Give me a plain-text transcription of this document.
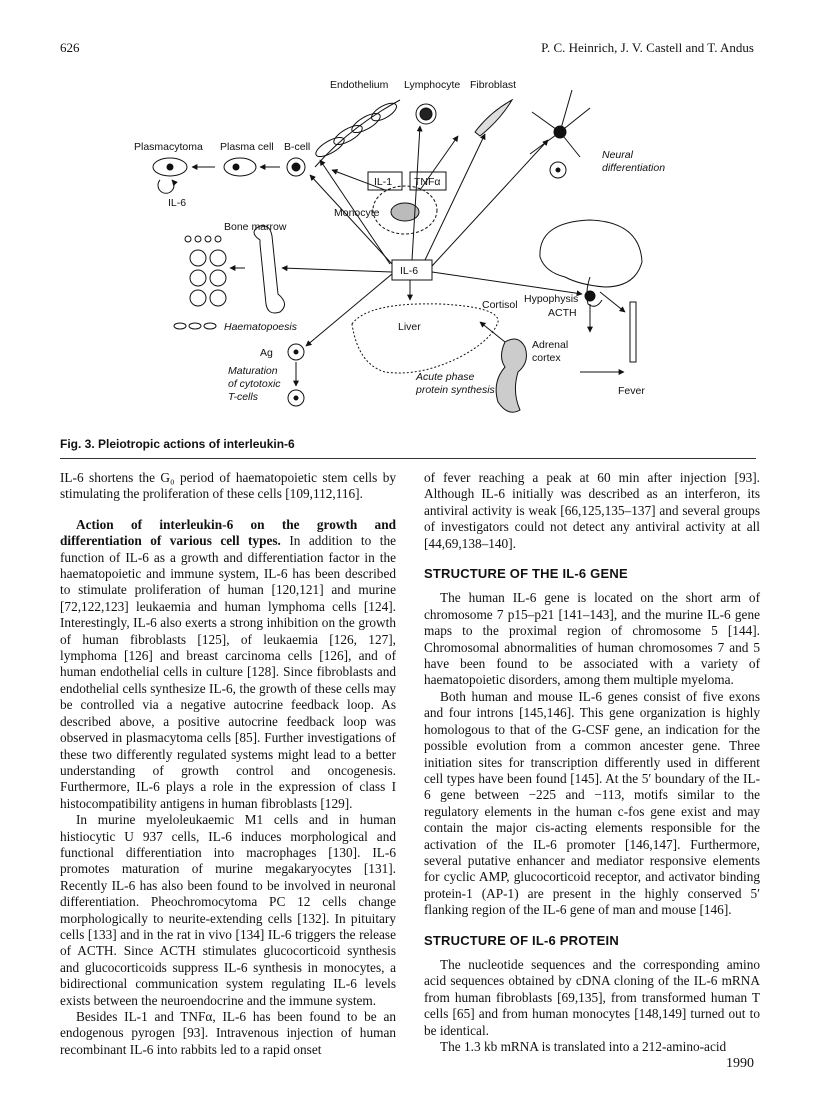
626	P. C. Heinrich, J. V. Castell and T. Andus
Endothelium Lymphocyte Fibroblast
Plasmacytoma Plasma cell B-cell
IL-1 TNFα
Neural
differentiation
IL-6
Monocyte
Bone marrow
IL-6
Hypophysis
ACTH
Cortisol
Liver
Adrenal
cortex
Haematopoesis
Ag
Maturation
of cytotoxic
T-cells
Acute phase
protein synthesis	Fever
Fig. 3. Pleiotropic actions of interleukin-6

IL-6 shortens the G₀ period of haematopoietic stem cells by stimulating the proliferation of these cells [109,112,116].

Action of interleukin-6 on the growth and differentiation of various cell types. In addition to the function of IL-6 as a growth and differentiation factor in the haematopoietic and immune system, IL-6 has been described to stimulate proliferation of human [120,121] and murine [72,122,123] leukaemia and human lymphoma cells [124]. Interestingly, IL-6 also exerts a strong inhibition on the growth of human fibroblasts [125], of leukaemia [126, 127], lymphoma [126] and breast carcinoma cells [126], and of human endothelial cells in culture [128]. Since fibroblasts and endothelial cells synthesize IL-6, the growth of these cells may be controlled via a negative autocrine feedback loop. As described above, a positive autocrine feedback loop was observed in plasmacytoma cells [85]. Further investigations of these two differently regulated systems might lead to a better understanding of growth control and oncogenesis. Furthermore, IL-6 plays a role in the expression of class I histocompatibility antigens in human fibroblasts [129].

In murine myeloleukaemic M1 cells and in human histiocytic U 937 cells, IL-6 induces morphological and functional differentiation into macrophages [130]. IL-6 promotes maturation of murine megakaryocytes [131]. Recently IL-6 has also been found to be involved in neuronal differentiation. Pheochromocytoma PC 12 cells change morphologically to neurite-extending cells [132]. In pituitary cells [133] and in the rat in vivo [134] IL-6 triggers the release of ACTH. Since ACTH stimulates glucocorticoid synthesis and glucocorticoids suppress IL-6 synthesis in monocytes, a bidirectional communication system regulating IL-6 levels exists between the neuroendocrine and the immune system.

Besides IL-1 and TNFα, IL-6 has been found to be an endogenous pyrogen [93]. Intravenous injection of human recombinant IL-6 into rabbits led to a rapid onset

of fever reaching a peak at 60 min after injection [93]. Although IL-6 initially was described as an interferon, its antiviral activity is weak [66,125,135–137] and several groups of investigators could not detect any antiviral activity at all [44,69,138–140].

STRUCTURE OF THE IL-6 GENE

The human IL-6 gene is located on the short arm of chromosome 7 p15–p21 [141–143], and the murine IL-6 gene maps to the proximal region of chromosome 5 [144]. Chromosomal abnormalities of human chromosomes 7 and 5 have been found to be associated with a variety of haematopoietic disorders, among them multiple myeloma.

Both human and mouse IL-6 genes consist of five exons and four introns [145,146]. This gene organization is highly homologous to that of the G-CSF gene, an indication for the possible evolution from a common ancester gene. Three initiation sites for transcription differently used in different cell types have been found [145]. At the 5′ boundary of the IL-6 gene between −225 and −113, motifs similar to the regulatory elements in the human c-fos gene exist and may contain the major cis-acting elements responsible for the activation of the IL-6 promoter [146,147]. Furthermore, several putative enhancer and mediator responsive elements for cyclic AMP, glucocorticoid receptor, and activator binding protein-1 (AP-1) are present in the highly conserved 5′ flanking region of the IL-6 gene of man and mouse [146].

STRUCTURE OF IL-6 PROTEIN

The nucleotide sequences and the corresponding amino acid sequences obtained by cDNA cloning of the IL-6 mRNA from human fibroblasts [69,135], from transformed human T cells [65] and from human monocytes [148,149] turned out to be identical.

The 1.3 kb mRNA is translated into a 212-amino-acid

1990
